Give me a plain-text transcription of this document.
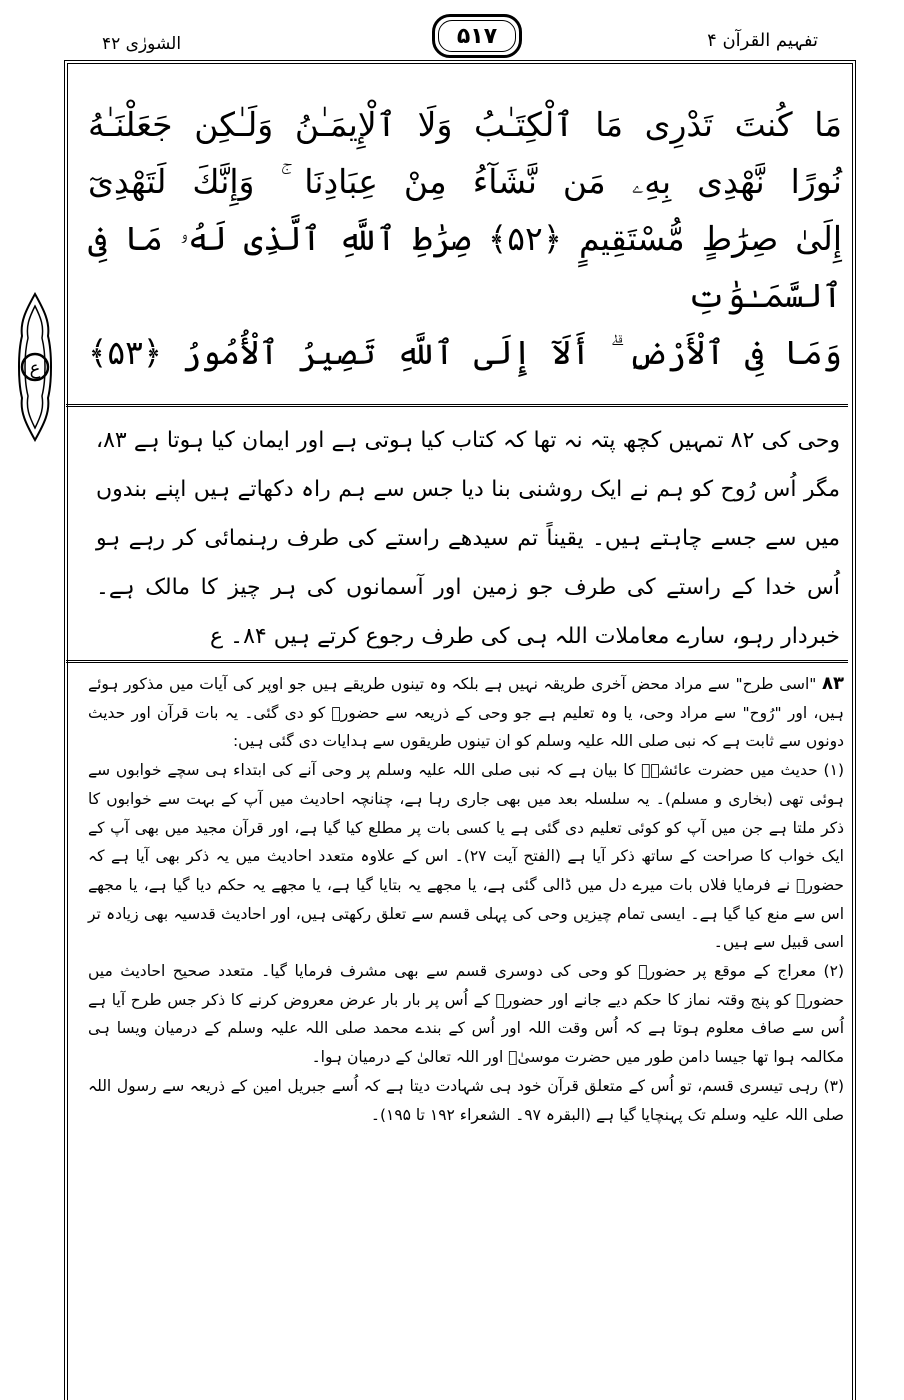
الشورٰی ۴۲	۵۱۷	تفہیم القرآن ۴
ع

مَا كُنتَ تَدْرِى مَا ٱلْكِتَـٰبُ وَلَا ٱلْإِيمَـٰنُ وَلَـٰكِن جَعَلْنَـٰهُ

نُورًا نَّهْدِى بِهِۦ مَن نَّشَآءُ مِنْ عِبَادِنَا ۚ وَإِنَّكَ لَتَهْدِىٓ

إِلَىٰ صِرَٰطٍ مُّسْتَقِيمٍ ﴿۵۲﴾ صِرَٰطِ ٱللَّهِ ٱلَّذِى لَهُۥ مَا فِى ٱلسَّمَـٰوَٰتِ

وَمَا فِى ٱلْأَرْضِ ۗ أَلَآ إِلَى ٱللَّهِ تَصِيرُ ٱلْأُمُورُ ﴿۵۳﴾

وحی کی ۸۲ تمہیں کچھ پتہ نہ تھا کہ کتاب کیا ہوتی ہے اور ایمان کیا ہوتا ہے ۸۳، مگر اُس رُوح کو ہم نے ایک روشنی بنا دیا جس سے ہم راہ دکھاتے ہیں اپنے بندوں میں سے جسے چاہتے ہیں۔ یقیناً تم سیدھے راستے کی طرف رہنمائی کر رہے ہو اُس خدا کے راستے کی طرف جو زمین اور آسمانوں کی ہر چیز کا مالک ہے۔ خبردار رہو، سارے معاملات اللہ ہی کی طرف رجوع کرتے ہیں ۸۴۔ ع

۸۳ "اسی طرح" سے مراد محض آخری طریقہ نہیں ہے بلکہ وہ تینوں طریقے ہیں جو اوپر کی آیات میں مذکور ہوئے ہیں، اور "رُوح" سے مراد وحی، یا وہ تعلیم ہے جو وحی کے ذریعہ سے حضورؐ کو دی گئی۔ یہ بات قرآن اور حدیث دونوں سے ثابت ہے کہ نبی صلی اللہ علیہ وسلم کو ان تینوں طریقوں سے ہدایات دی گئی ہیں:

(۱) حدیث میں حضرت عائشہؓ کا بیان ہے کہ نبی صلی اللہ علیہ وسلم پر وحی آنے کی ابتداء ہی سچے خوابوں سے ہوئی تھی (بخاری و مسلم)۔ یہ سلسلہ بعد میں بھی جاری رہا ہے، چنانچہ احادیث میں آپ کے بہت سے خوابوں کا ذکر ملتا ہے جن میں آپ کو کوئی تعلیم دی گئی ہے یا کسی بات پر مطلع کیا گیا ہے، اور قرآن مجید میں بھی آپ کے ایک خواب کا صراحت کے ساتھ ذکر آیا ہے (الفتح آیت ۲۷)۔ اس کے علاوہ متعدد احادیث میں یہ ذکر بھی آیا ہے کہ حضورؐ نے فرمایا فلاں بات میرے دل میں ڈالی گئی ہے، یا مجھے یہ بتایا گیا ہے، یا مجھے یہ حکم دیا گیا ہے، یا مجھے اس سے منع کیا گیا ہے۔ ایسی تمام چیزیں وحی کی پہلی قسم سے تعلق رکھتی ہیں، اور احادیث قدسیہ بھی زیادہ تر اسی قبیل سے ہیں۔

(۲) معراج کے موقع پر حضورؐ کو وحی کی دوسری قسم سے بھی مشرف فرمایا گیا۔ متعدد صحیح احادیث میں حضورؐ کو پنج وقتہ نماز کا حکم دیے جانے اور حضورؐ کے اُس پر بار بار عرض معروض کرنے کا ذکر جس طرح آیا ہے اُس سے صاف معلوم ہوتا ہے کہ اُس وقت اللہ اور اُس کے بندے محمد صلی اللہ علیہ وسلم کے درمیان ویسا ہی مکالمہ ہوا تھا جیسا دامن طور میں حضرت موسیٰؑ اور اللہ تعالیٰ کے درمیان ہوا۔

(۳) رہی تیسری قسم، تو اُس کے متعلق قرآن خود ہی شہادت دیتا ہے کہ اُسے جبریل امین کے ذریعہ سے رسول اللہ صلی اللہ علیہ وسلم تک پہنچایا گیا ہے (البقرہ ۹۷۔ الشعراء ۱۹۲ تا ۱۹۵)۔
